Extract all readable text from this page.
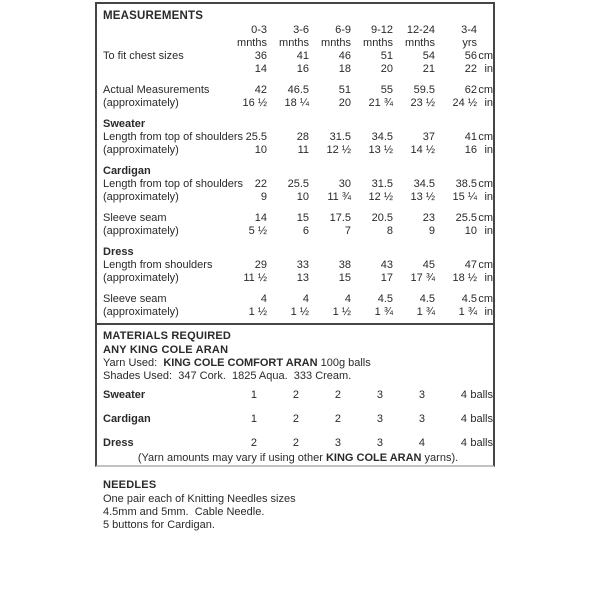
MEASUREMENTS
0-3	3-6	6-9	9-12	12-24	3-4
mnths	mnths	mnths	mnths	mnths	yrs
To fit chest sizes	36	41	46	51	54	56 cm
14	16	18	20	21	22 in
Actual Measurements	42	46.5	51	55	59.5	62 cm
(approximately)	16 ½	18 ¼	20	21 ¾	23 ½	24 ½ in
Sweater
Length from top of shoulders 25.5	28	31.5	34.5	37	41 cm
(approximately)	10	11	12 ½	13 ½	14 ½	16 in
Cardigan
Length from top of shoulders	22	25.5	30	31.5	34.5	38.5 cm
(approximately)	9	10	11 ¾	12 ½	13 ½	15 ¼ in
Sleeve seam	14	15	17.5	20.5	23	25.5 cm
(approximately)	5 ½	6	7	8	9	10 in
Dress
Length from shoulders	29	33	38	43	45	47 cm
(approximately)	11 ½	13	15	17	17 ¾	18 ½ in
Sleeve seam	4	4	4	4.5	4.5	4.5 cm
(approximately)	1 ½	1 ½	1 ½	1 ¾	1 ¾	1 ¾ in
MATERIALS REQUIRED
ANY KING COLE ARAN
Yarn Used:  KING COLE COMFORT ARAN 100g balls
Shades Used:  347 Cork.  1825 Aqua.  333 Cream.
Sweater	1	2	2	3	3	4 balls
Cardigan	1	2	2	3	3	4 balls
Dress	2	2	3	3	4	4 balls
(Yarn amounts may vary if using other KING COLE ARAN yarns).
NEEDLES
One pair each of Knitting Needles sizes
4.5mm and 5mm.  Cable Needle.
5 buttons for Cardigan.
